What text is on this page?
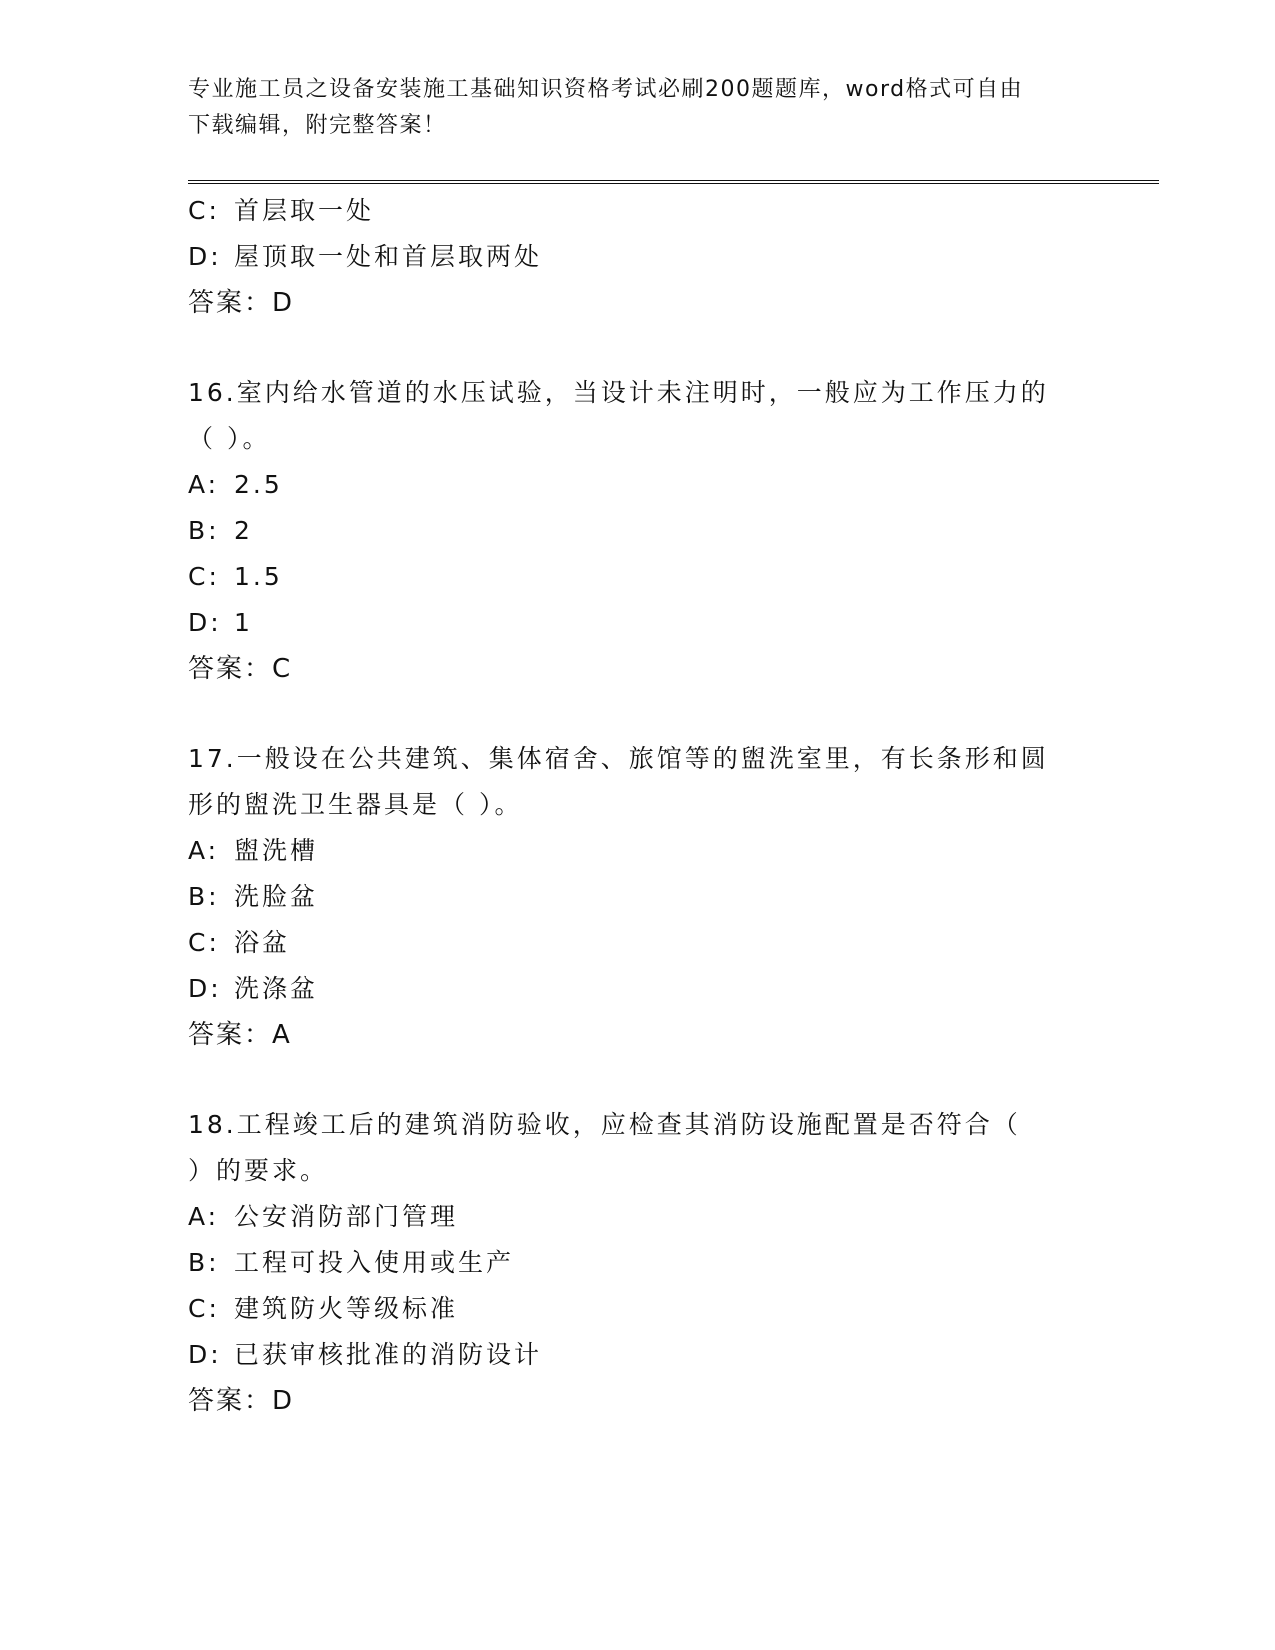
专业施工员之设备安装施工基础知识资格考试必刷200题题库，word格式可自由
下载编辑，附完整答案！
C: 首层取一处
D: 屋顶取一处和首层取两处
答案：D
16.室内给水管道的水压试验，当设计未注明时，一般应为工作压力的
（ ）。
A: 2.5
B: 2
C: 1.5
D: 1
答案：C
17.一般设在公共建筑、集体宿舍、旅馆等的盥洗室里，有长条形和圆
形的盥洗卫生器具是（ ）。
A: 盥洗槽
B: 洗脸盆
C: 浴盆
D: 洗涤盆
答案：A
18.工程竣工后的建筑消防验收，应检查其消防设施配置是否符合（
）的要求。
A: 公安消防部门管理
B: 工程可投入使用或生产
C: 建筑防火等级标准
D: 已获审核批准的消防设计
答案：D
